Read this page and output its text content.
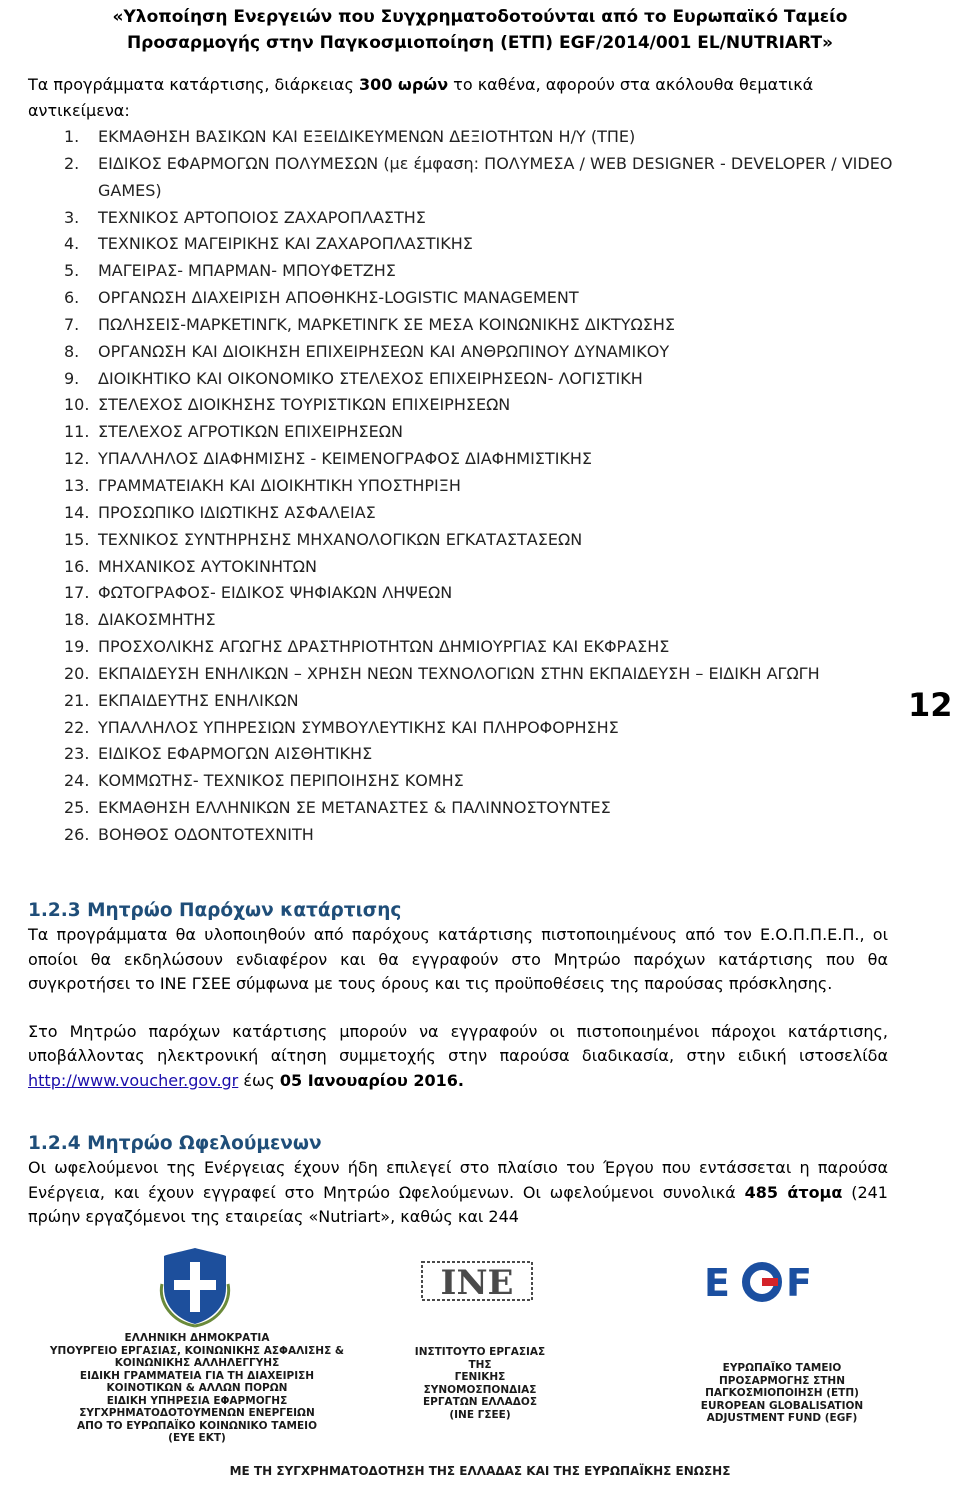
«Υλοποίηση Ενεργειών που Συγχρηματοδοτούνται από το Ευρωπαϊκό Ταμείο
Προσαρμογής στην Παγκοσμιοποίηση (ΕΤΠ) EGF/2014/001 EL/NUTRIART»
Τα προγράμματα κατάρτισης, διάρκειας 300 ωρών το καθένα, αφορούν στα ακόλουθα θεματικά αντικείμενα:
1. ΕΚΜΑΘΗΣΗ ΒΑΣΙΚΩΝ ΚΑΙ ΕΞΕΙΔΙΚΕΥΜΕΝΩΝ ΔΕΞΙΟΤΗΤΩΝ Η/Υ (ΤΠΕ)
2. ΕΙΔΙΚΟΣ ΕΦΑΡΜΟΓΩΝ ΠΟΛΥΜΕΣΩΝ (με έμφαση: ΠΟΛΥΜΕΣΑ / WEB DESIGNER - DEVELOPER / VIDEO GAMES)
3. ΤΕΧΝΙΚΟΣ ΑΡΤΟΠΟΙΟΣ ΖΑΧΑΡΟΠΛΑΣΤΗΣ
4. ΤΕΧΝΙΚΟΣ ΜΑΓΕΙΡΙΚΗΣ ΚΑΙ ΖΑΧΑΡΟΠΛΑΣΤΙΚΗΣ
5. ΜΑΓΕΙΡΑΣ- ΜΠΑΡΜΑΝ- ΜΠΟΥΦΕΤΖΗΣ
6. ΟΡΓΑΝΩΣΗ ΔΙΑΧΕΙΡΙΣΗ ΑΠΟΘΗΚΗΣ-LOGISTIC MANAGEMENT
7. ΠΩΛΗΣΕΙΣ-ΜΑΡΚΕΤΙΝΓΚ, ΜΑΡΚΕΤΙΝΓΚ ΣΕ ΜΕΣΑ ΚΟΙΝΩΝΙΚΗΣ ΔΙΚΤΥΩΣΗΣ
8. ΟΡΓΑΝΩΣΗ ΚΑΙ ΔΙΟΙΚΗΣΗ ΕΠΙΧΕΙΡΗΣΕΩΝ ΚΑΙ ΑΝΘΡΩΠΙΝΟΥ ΔΥΝΑΜΙΚΟΥ
9. ΔΙΟΙΚΗΤΙΚΟ ΚΑΙ ΟΙΚΟΝΟΜΙΚΟ ΣΤΕΛΕΧΟΣ ΕΠΙΧΕΙΡΗΣΕΩΝ- ΛΟΓΙΣΤΙΚΗ
10. ΣΤΕΛΕΧΟΣ ΔΙΟΙΚΗΣΗΣ ΤΟΥΡΙΣΤΙΚΩΝ ΕΠΙΧΕΙΡΗΣΕΩΝ
11. ΣΤΕΛΕΧΟΣ ΑΓΡΟΤΙΚΩΝ ΕΠΙΧΕΙΡΗΣΕΩΝ
12. ΥΠΑΛΛΗΛΟΣ ΔΙΑΦΗΜΙΣΗΣ - ΚΕΙΜΕΝΟΓΡΑΦΟΣ ΔΙΑΦΗΜΙΣΤΙΚΗΣ
13. ΓΡΑΜΜΑΤΕΙΑΚΗ ΚΑΙ ΔΙΟΙΚΗΤΙΚΗ ΥΠΟΣΤΗΡΙΞΗ
14. ΠΡΟΣΩΠΙΚΟ ΙΔΙΩΤΙΚΗΣ ΑΣΦΑΛΕΙΑΣ
15. ΤΕΧΝΙΚΟΣ ΣΥΝΤΗΡΗΣΗΣ ΜΗΧΑΝΟΛΟΓΙΚΩΝ ΕΓΚΑΤΑΣΤΑΣΕΩΝ
16. ΜΗΧΑΝΙΚΟΣ ΑΥΤΟΚΙΝΗΤΩΝ
17. ΦΩΤΟΓΡΑΦΟΣ- ΕΙΔΙΚΟΣ ΨΗΦΙΑΚΩΝ ΛΗΨΕΩΝ
18. ΔΙΑΚΟΣΜΗΤΗΣ
19. ΠΡΟΣΧΟΛΙΚΗΣ ΑΓΩΓΗΣ ΔΡΑΣΤΗΡΙΟΤΗΤΩΝ ΔΗΜΙΟΥΡΓΙΑΣ ΚΑΙ ΕΚΦΡΑΣΗΣ
20. ΕΚΠΑΙΔΕΥΣΗ ΕΝΗΛΙΚΩΝ – ΧΡΗΣΗ ΝΕΩΝ ΤΕΧΝΟΛΟΓΙΩΝ ΣΤΗΝ ΕΚΠΑΙΔΕΥΣΗ – ΕΙΔΙΚΗ ΑΓΩΓΗ
21. ΕΚΠΑΙΔΕΥΤΗΣ ΕΝΗΛΙΚΩΝ
22. ΥΠΑΛΛΗΛΟΣ ΥΠΗΡΕΣΙΩΝ ΣΥΜΒΟΥΛΕΥΤΙΚΗΣ ΚΑΙ ΠΛΗΡΟΦΟΡΗΣΗΣ
23. ΕΙΔΙΚΟΣ ΕΦΑΡΜΟΓΩΝ ΑΙΣΘΗΤΙΚΗΣ
24. ΚΟΜΜΩΤΗΣ- ΤΕΧΝΙΚΟΣ ΠΕΡΙΠΟΙΗΣΗΣ ΚΟΜΗΣ
25. ΕΚΜΑΘΗΣΗ ΕΛΛΗΝΙΚΩΝ ΣΕ ΜΕΤΑΝΑΣΤΕΣ & ΠΑΛΙΝΝΟΣΤΟΥΝΤΕΣ
26. ΒΟΗΘΟΣ ΟΔΟΝΤΟΤΕΧΝΙΤΗ
12
1.2.3 Μητρώο Παρόχων κατάρτισης

Τα προγράμματα θα υλοποιηθούν από παρόχους κατάρτισης πιστοποιημένους από τον Ε.Ο.Π.Π.Ε.Π., οι οποίοι θα εκδηλώσουν ενδιαφέρον και θα εγγραφούν στο Μητρώο παρόχων κατάρτισης που θα συγκροτήσει το ΙΝΕ ΓΣΕΕ σύμφωνα με τους όρους και τις προϋποθέσεις της παρούσας πρόσκλησης.

Στο Μητρώο παρόχων κατάρτισης μπορούν να εγγραφούν οι πιστοποιημένοι πάροχοι κατάρτισης, υποβάλλοντας ηλεκτρονική αίτηση συμμετοχής στην παρούσα διαδικασία, στην ειδική ιστοσελίδα http://www.voucher.gov.gr έως 05 Ιανουαρίου 2016.

1.2.4 Μητρώο Ωφελούμενων

Οι ωφελούμενοι της Ενέργειας έχουν ήδη επιλεγεί στο πλαίσιο του Έργου που εντάσσεται η παρούσα Ενέργεια, και έχουν εγγραφεί στο Μητρώο Ωφελούμενων. Οι ωφελούμενοι συνολικά 485 άτομα (241 πρώην εργαζόμενοι της εταιρείας «Nutriart», καθώς και 244

ΕΛΛΗΝΙΚΗ ΔΗΜΟΚΡΑΤΙΑ
ΥΠΟΥΡΓΕΙΟ ΕΡΓΑΣΙΑΣ, ΚΟΙΝΩΝΙΚΗΣ ΑΣΦΑΛΙΣΗΣ &
ΚΟΙΝΩΝΙΚΗΣ ΑΛΛΗΛΕΓΓΥΗΣ
ΕΙΔΙΚΗ ΓΡΑΜΜΑΤΕΙΑ ΓΙΑ ΤΗ ΔΙΑΧΕΙΡΙΣΗ
ΚΟΙΝΟΤΙΚΩΝ & ΑΛΛΩΝ ΠΟΡΩΝ
ΕΙΔΙΚΗ ΥΠΗΡΕΣΙΑ ΕΦΑΡΜΟΓΗΣ
ΣΥΓΧΡΗΜΑΤΟΔΟΤΟΥΜΕΝΩΝ ΕΝΕΡΓΕΙΩΝ
ΑΠΟ ΤΟ ΕΥΡΩΠΑΪΚΟ ΚΟΙΝΩΝΙΚΟ ΤΑΜΕΙΟ
(ΕΥΕ ΕΚΤ)
INE
ΙΝΣΤΙΤΟΥΤΟ ΕΡΓΑΣΙΑΣ
ΤΗΣ
ΓΕΝΙΚΗΣ
ΣΥΝΟΜΟΣΠΟΝΔΙΑΣ
ΕΡΓΑΤΩΝ ΕΛΛΑΔΟΣ
(ΙΝΕ ΓΣΕΕ)
E F
ΕΥΡΩΠΑΪΚΟ ΤΑΜΕΙΟ
ΠΡΟΣΑΡΜΟΓΗΣ ΣΤΗΝ
ΠΑΓΚΟΣΜΙΟΠΟΙΗΣΗ (ΕΤΠ)
EUROPEAN GLOBALISATION
ADJUSTMENT FUND (EGF)
ΜΕ ΤΗ ΣΥΓΧΡΗΜΑΤΟΔΟΤΗΣΗ ΤΗΣ ΕΛΛΑΔΑΣ ΚΑΙ ΤΗΣ ΕΥΡΩΠΑΪΚΗΣ ΕΝΩΣΗΣ
